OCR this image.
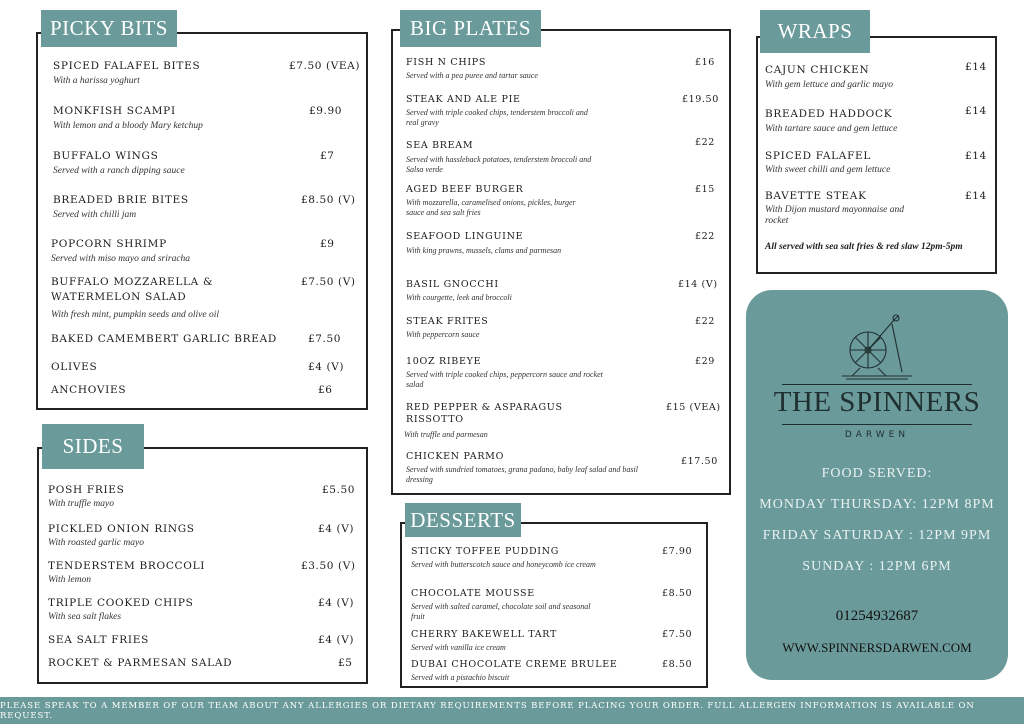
PICKY BITS
SPICED FALAFEL BITES
With a harissa yoghurt
£7.50 (VEA)
MONKFISH SCAMPI
With lemon and a bloody Mary ketchup
£9.90
BUFFALO WINGS
Served with a ranch dipping sauce
£7
BREADED BRIE BITES
Served with chilli jam
£8.50 (V)
POPCORN SHRIMP
Served with miso mayo and sriracha
£9
BUFFALO MOZZARELLA &
WATERMELON SALAD
With fresh mint, pumpkin seeds and olive oil
£7.50 (V)
BAKED CAMEMBERT GARLIC BREAD	£7.50
OLIVES	£4 (V)
ANCHOVIES	£6
SIDES
POSH FRIES
With truffle mayo
£5.50
PICKLED ONION RINGS
With roasted garlic mayo
£4 (V)
TENDERSTEM BROCCOLI
With lemon
£3.50 (V)
TRIPLE COOKED CHIPS
With sea salt flakes
£4 (V)
SEA SALT FRIES	£4 (V)
ROCKET & PARMESAN SALAD	£5
BIG PLATES
FISH N CHIPS
Served with a pea puree and tartar sauce
£16
STEAK AND ALE PIE
Served with triple cooked chips, tenderstem broccoli and real gravy
£19.50
SEA BREAM
Served with hassleback potatoes, tenderstem broccoli and Salsa verde
£22
AGED BEEF BURGER
With mozzarella, caramelised onions, pickles, burger sauce and sea salt fries
£15
SEAFOOD LINGUINE
With king prawns, mussels, clams and parmesan
£22
BASIL GNOCCHI
With courgette, leek and broccoli
£14 (V)
STEAK FRITES
With peppercorn sauce
£22
10OZ RIBEYE
Served with triple cooked chips, peppercorn sauce and rocket salad
£29
RED PEPPER & ASPARAGUS
RISSOTTO
With truffle and parmesan
£15 (VEA)
CHICKEN PARMO
Served with sundried tomatoes, grana padano, baby leaf salad and basil dressing
£17.50
DESSERTS
STICKY TOFFEE PUDDING
Served with butterscotch sauce and honeycomb ice cream
£7.90
CHOCOLATE MOUSSE
Served with salted caramel, chocolate soil and seasonal fruit
£8.50
CHERRY BAKEWELL TART
Served with vanilla ice cream
£7.50
DUBAI CHOCOLATE CREME BRULEE
Served with a pistachio biscuit
£8.50
WRAPS
CAJUN CHICKEN
With gem lettuce and garlic mayo
£14
BREADED HADDOCK
With tartare sauce and gem lettuce
£14
SPICED FALAFEL
With sweet chilli and gem lettuce
£14
BAVETTE STEAK
With Dijon mustard mayonnaise and rocket
£14
All served with sea salt fries & red slaw 12pm-5pm
THE SPINNERS
DARWEN
FOOD SERVED:
MONDAY THURSDAY: 12PM 8PM
FRIDAY SATURDAY : 12PM 9PM
SUNDAY : 12PM 6PM
01254932687
WWW.SPINNERSDARWEN.COM
PLEASE SPEAK TO A MEMBER OF OUR TEAM ABOUT ANY ALLERGIES OR DIETARY REQUIREMENTS BEFORE PLACING YOUR ORDER. FULL ALLERGEN INFORMATION IS AVAILABLE ON REQUEST.
